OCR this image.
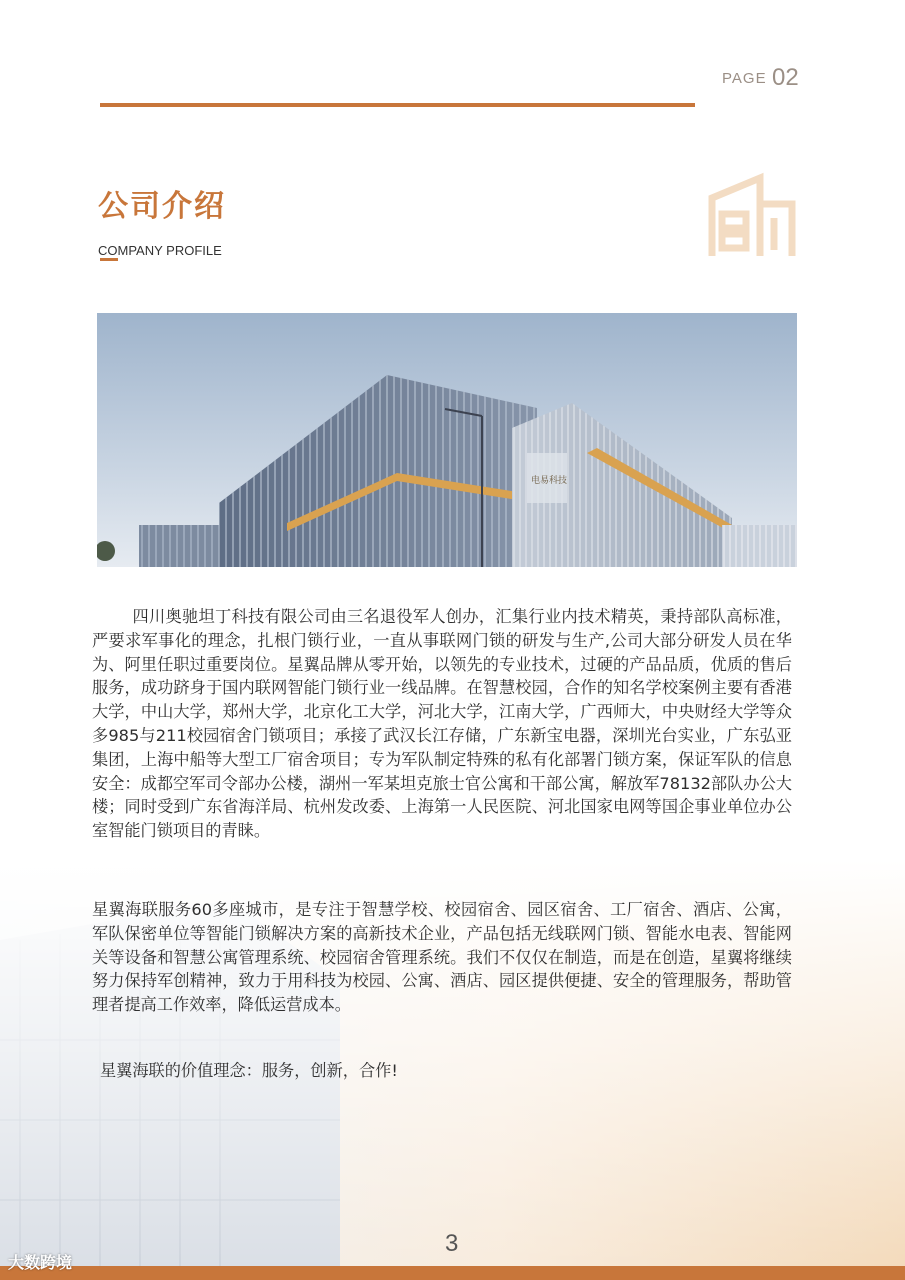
PAGE 02
公司介绍
COMPANY PROFILE
电易科技

四川奥驰坦丁科技有限公司由三名退役军人创办，汇集行业内技术精英，秉持部队高标准，严要求军事化的理念，扎根门锁行业，一直从事联网门锁的研发与生产,公司大部分研发人员在华为、阿里任职过重要岗位。星翼品牌从零开始，以领先的专业技术，过硬的产品品质，优质的售后服务，成功跻身于国内联网智能门锁行业一线品牌。在智慧校园，合作的知名学校案例主要有香港大学，中山大学，郑州大学，北京化工大学，河北大学，江南大学，广西师大，中央财经大学等众多985与211校园宿舍门锁项目；承接了武汉长江存储，广东新宝电器，深圳光台实业，广东弘亚集团，上海中船等大型工厂宿舍项目；专为军队制定特殊的私有化部署门锁方案，保证军队的信息安全：成都空军司令部办公楼，湖州一军某坦克旅士官公寓和干部公寓，解放军78132部队办公大楼；同时受到广东省海洋局、杭州发改委、上海第一人民医院、河北国家电网等国企事业单位办公室智能门锁项目的青睐。

星翼海联服务60多座城市，是专注于智慧学校、校园宿舍、园区宿舍、工厂宿舍、酒店、公寓，军队保密单位等智能门锁解决方案的高新技术企业，产品包括无线联网门锁、智能水电表、智能网关等设备和智慧公寓管理系统、校园宿舍管理系统。我们不仅仅在制造，而是在创造，星翼将继续努力保持军创精神，致力于用科技为校园、公寓、酒店、园区提供便捷、安全的管理服务，帮助管理者提高工作效率，降低运营成本。

星翼海联的价值理念：服务，创新，合作!

3
大数跨境
